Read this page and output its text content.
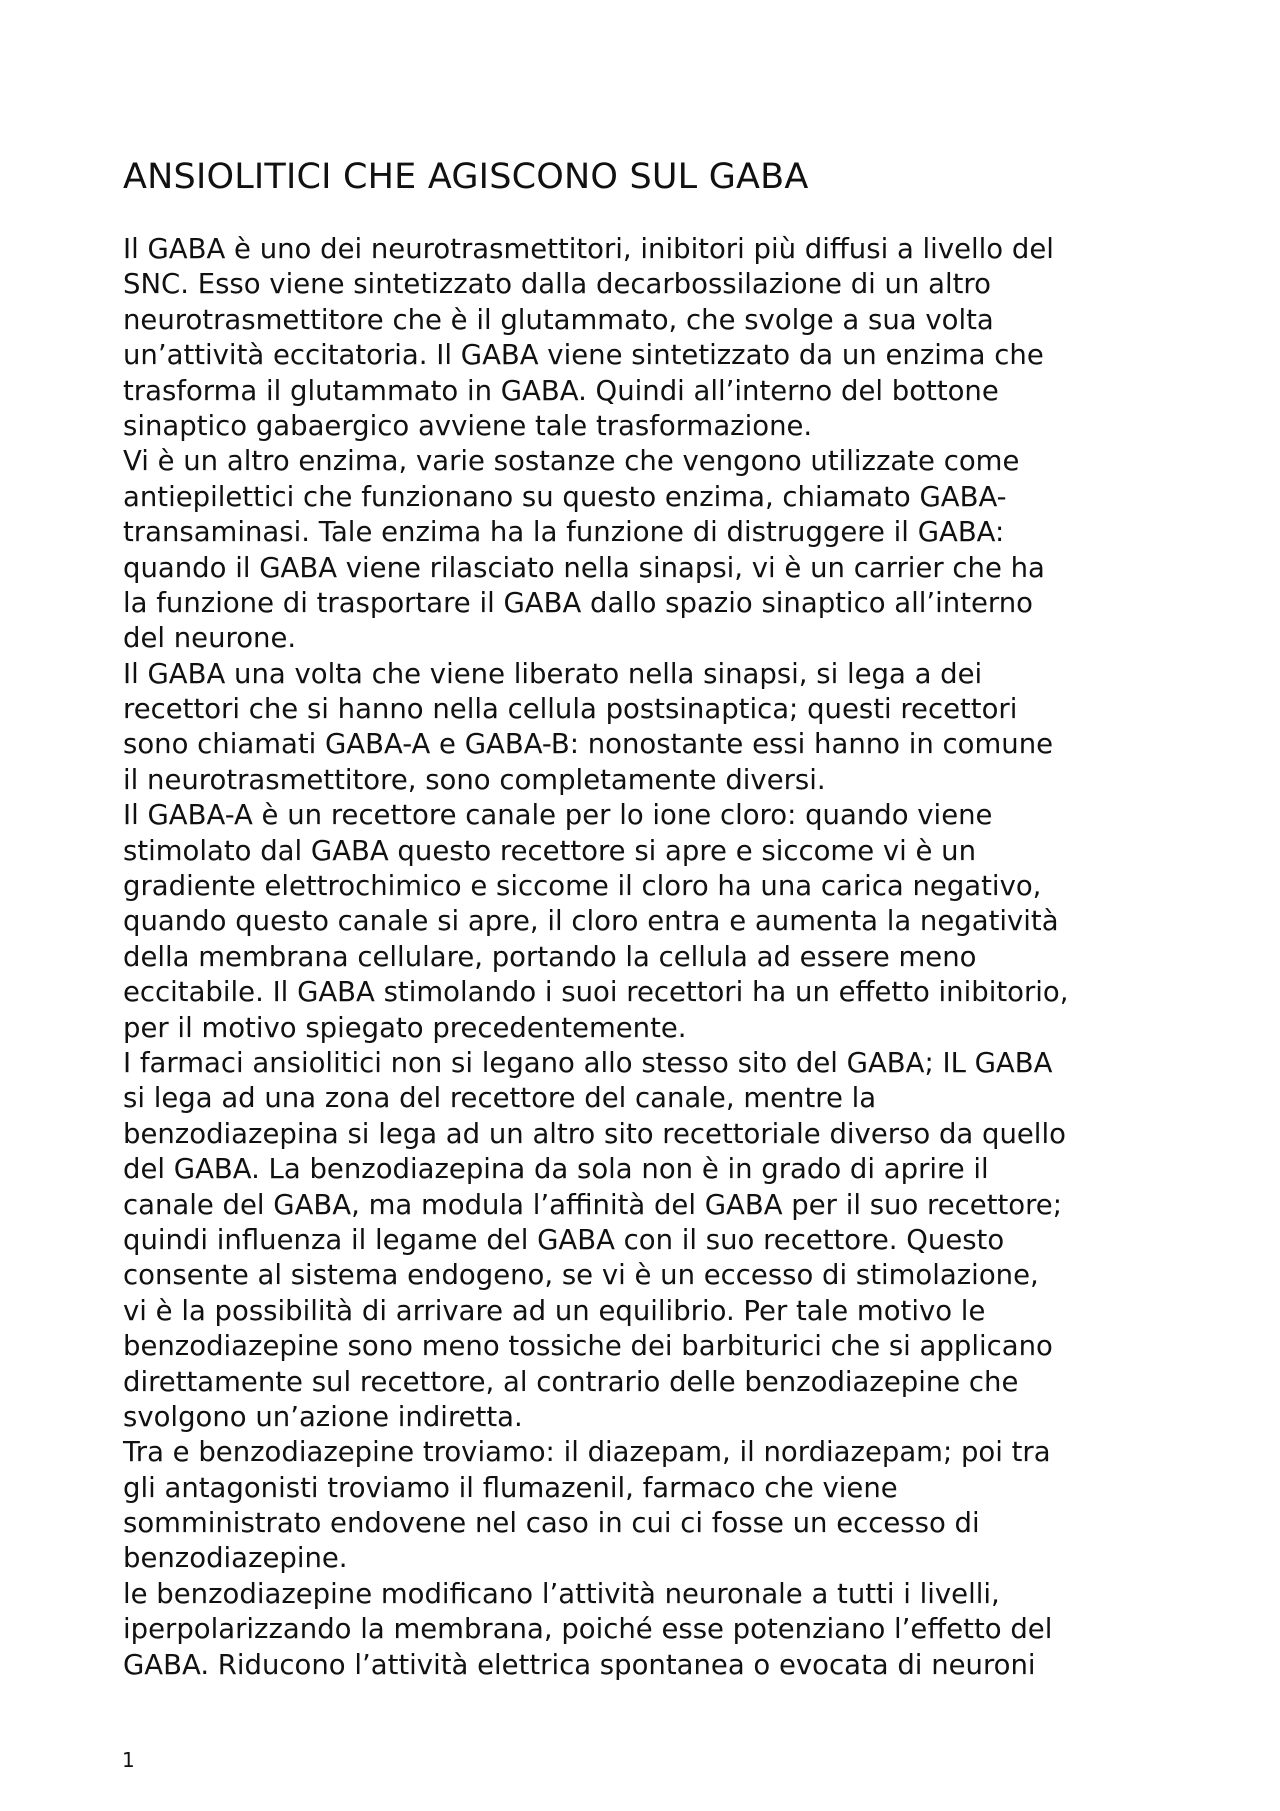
ANSIOLITICI CHE AGISCONO SUL GABA
Il GABA è uno dei neurotrasmettitori, inibitori più diffusi a livello del
SNC. Esso viene sintetizzato dalla decarbossilazione di un altro
neurotrasmettitore che è il glutammato, che svolge a sua volta
un’attività eccitatoria. Il GABA viene sintetizzato da un enzima che
trasforma il glutammato in GABA. Quindi all’interno del bottone
sinaptico gabaergico avviene tale trasformazione.
Vi è un altro enzima, varie sostanze che vengono utilizzate come
antiepilettici che funzionano su questo enzima, chiamato GABA-
transaminasi. Tale enzima ha la funzione di distruggere il GABA:
quando il GABA viene rilasciato nella sinapsi, vi è un carrier che ha
la funzione di trasportare il GABA dallo spazio sinaptico all’interno
del neurone.
Il GABA una volta che viene liberato nella sinapsi, si lega a dei
recettori che si hanno nella cellula postsinaptica; questi recettori
sono chiamati GABA-A e GABA-B: nonostante essi hanno in comune
il neurotrasmettitore, sono completamente diversi.
Il GABA-A è un recettore canale per lo ione cloro: quando viene
stimolato dal GABA questo recettore si apre e siccome vi è un
gradiente elettrochimico e siccome il cloro ha una carica negativo,
quando questo canale si apre, il cloro entra e aumenta la negatività
della membrana cellulare, portando la cellula ad essere meno
eccitabile. Il GABA stimolando i suoi recettori ha un effetto inibitorio,
per il motivo spiegato precedentemente.
I farmaci ansiolitici non si legano allo stesso sito del GABA; IL GABA
si lega ad una zona del recettore del canale, mentre la
benzodiazepina si lega ad un altro sito recettoriale diverso da quello
del GABA. La benzodiazepina da sola non è in grado di aprire il
canale del GABA, ma modula l’affinità del GABA per il suo recettore;
quindi influenza il legame del GABA con il suo recettore. Questo
consente al sistema endogeno, se vi è un eccesso di stimolazione,
vi è la possibilità di arrivare ad un equilibrio. Per tale motivo le
benzodiazepine sono meno tossiche dei barbiturici che si applicano
direttamente sul recettore, al contrario delle benzodiazepine che
svolgono un’azione indiretta.
Tra e benzodiazepine troviamo: il diazepam, il nordiazepam; poi tra
gli antagonisti troviamo il flumazenil, farmaco che viene
somministrato endovene nel caso in cui ci fosse un eccesso di
benzodiazepine.
le benzodiazepine modificano l’attività neuronale a tutti i livelli,
iperpolarizzando la membrana, poiché esse potenziano l’effetto del
GABA. Riducono l’attività elettrica spontanea o evocata di neuroni
1
